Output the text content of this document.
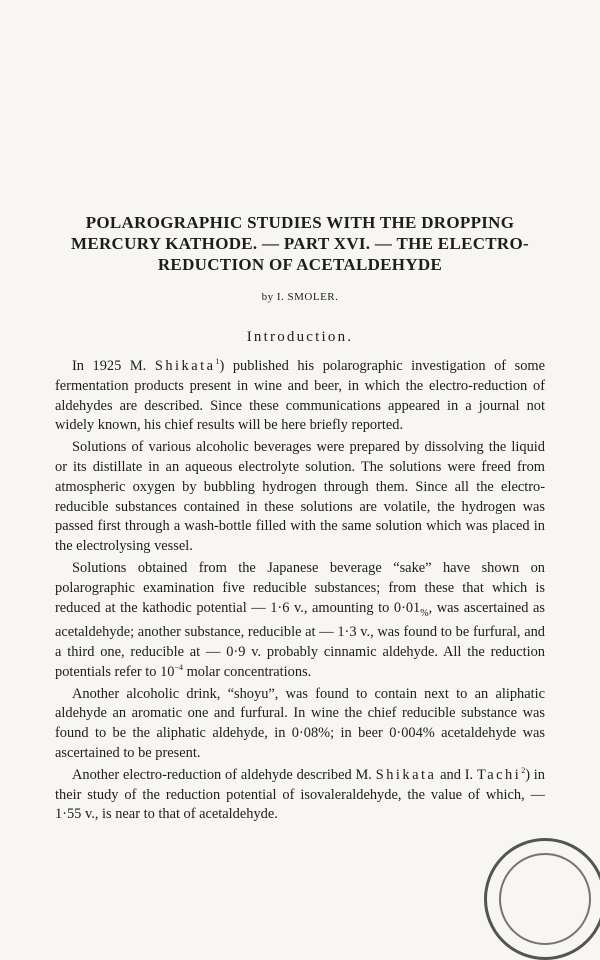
POLAROGRAPHIC STUDIES WITH THE DROPPING
MERCURY KATHODE. — PART XVI. — THE ELECTRO-
REDUCTION OF ACETALDEHYDE
by I. SMOLER.
Introduction.

In 1925 M. Shikata$^1$) published his polarographic investigation of some fermentation products present in wine and beer, in which the electro-reduction of aldehydes are described. Since these communications appeared in a journal not widely known, his chief results will be here briefly reported.

Solutions of various alcoholic beverages were prepared by dissolving the liquid or its distillate in an aqueous electrolyte solution. The solutions were freed from atmospheric oxygen by bubbling hydrogen through them. Since all the electro-reducible substances contained in these solutions are volatile, the hydrogen was passed first through a wash-bottle filled with the same solution which was placed in the electrolysing vessel.

Solutions obtained from the Japanese beverage “sake” have shown on polarographic examination five reducible substances; from these that which is reduced at the kathodic potential — 1·6 v., amounting to $0\cdot 01_{\%}$, was ascertained as acetaldehyde; another substance, reducible at — 1·3 v., was found to be furfural, and a third one, reducible at — 0·9 v. probably cinnamic aldehyde. All the reduction potentials refer to $10^{-4}$ molar concentrations.

Another alcoholic drink, “shoyu”, was found to contain next to an aliphatic aldehyde an aromatic one and furfural. In wine the chief reducible substance was found to be the aliphatic aldehyde, in 0·08%; in beer 0·004% acetaldehyde was ascertained to be present.

Another electro-reduction of aldehyde described M. Shikata and I. Tachi$^2$) in their study of the reduction potential of isovaleraldehyde, the value of which, — 1·55 v., is near to that of acetaldehyde.
